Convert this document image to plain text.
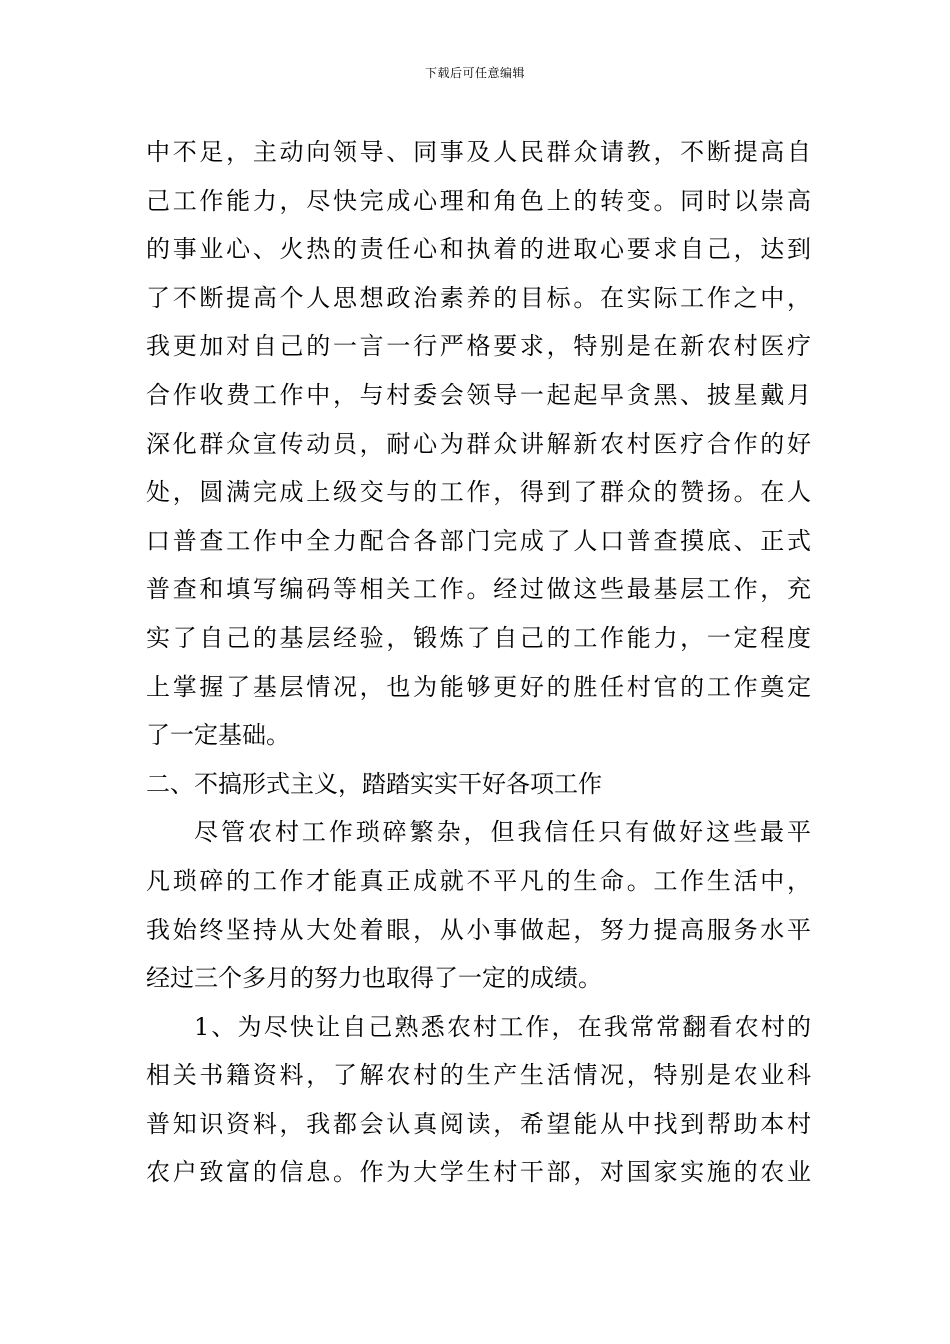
下载后可任意编辑
中不足，主动向领导、同事及人民群众请教，不断提高自
己工作能力，尽快完成心理和角色上的转变。同时以崇高
的事业心、火热的责任心和执着的进取心要求自己，达到
了不断提高个人思想政治素养的目标。在实际工作之中，
我更加对自己的一言一行严格要求，特别是在新农村医疗
合作收费工作中，与村委会领导一起起早贪黑、披星戴月
深化群众宣传动员，耐心为群众讲解新农村医疗合作的好
处，圆满完成上级交与的工作，得到了群众的赞扬。在人
口普查工作中全力配合各部门完成了人口普查摸底、正式
普查和填写编码等相关工作。经过做这些最基层工作，充
实了自己的基层经验，锻炼了自己的工作能力，一定程度
上掌握了基层情况，也为能够更好的胜任村官的工作奠定
了一定基础。
二、不搞形式主义，踏踏实实干好各项工作
尽管农村工作琐碎繁杂，但我信任只有做好这些最平
凡琐碎的工作才能真正成就不平凡的生命。工作生活中，
我始终坚持从大处着眼，从小事做起，努力提高服务水平
经过三个多月的努力也取得了一定的成绩。
1、为尽快让自己熟悉农村工作，在我常常翻看农村的
相关书籍资料，了解农村的生产生活情况，特别是农业科
普知识资料，我都会认真阅读，希望能从中找到帮助本村
农户致富的信息。作为大学生村干部，对国家实施的农业
